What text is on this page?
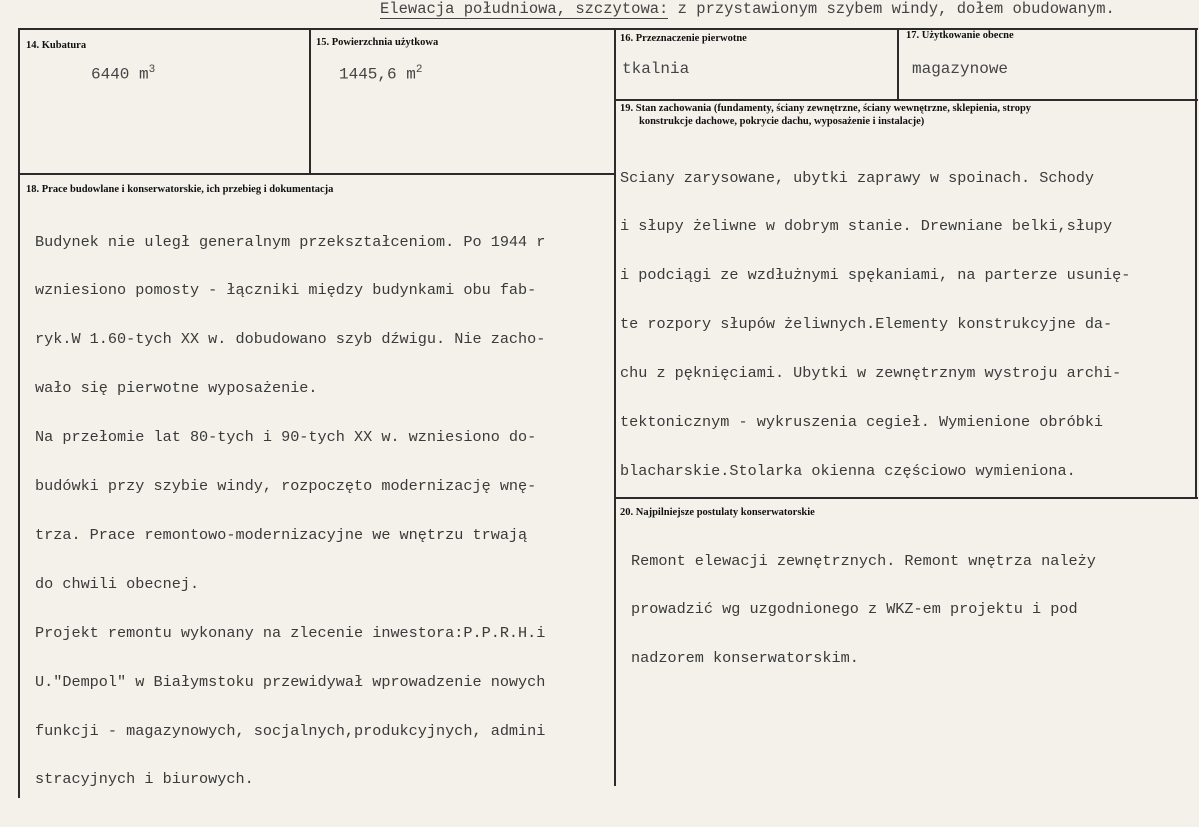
Elewacja południowa, szczytowa: z przystawionym szybem windy, dołem obudowanym.
14. Kubatura
6440 $m^3$
15. Powierzchnia użytkowa
1445,6 $m^2$
16. Przeznaczenie pierwotne
tkalnia
17. Użytkowanie obecne
magazynowe
19. Stan zachowania (fundamenty, ściany zewnętrzne, ściany wewnętrzne, sklepienia, stropy
konstrukcje dachowe, pokrycie dachu, wyposażenie i instalacje)

Sciany zarysowane, ubytki zaprawy w spoinach. Schody

i słupy żeliwne w dobrym stanie. Drewniane belki,słupy

i podciągi ze wzdłużnymi spękaniami, na parterze usunię-

te rozpory słupów żeliwnych.Elementy konstrukcyjne da-

chu z pęknięciami. Ubytki w zewnętrznym wystroju archi-

tektonicznym - wykruszenia cegieł. Wymienione obróbki

blacharskie.Stolarka okienna częściowo wymieniona.

18. Prace budowlane i konserwatorskie, ich przebieg i dokumentacja

Budynek nie uległ generalnym przekształceniom. Po 1944 r

wzniesiono pomosty - łączniki między budynkami obu fab-

ryk.W 1.60-tych XX w. dobudowano szyb dźwigu. Nie zacho-

wało się pierwotne wyposażenie.

Na przełomie lat 80-tych i 90-tych XX w. wzniesiono do-

budówki przy szybie windy, rozpoczęto modernizację wnę-

trza. Prace remontowo-modernizacyjne we wnętrzu trwają

do chwili obecnej.

Projekt remontu wykonany na zlecenie inwestora:P.P.R.H.i

U."Dempol" w Białymstoku przewidywał wprowadzenie nowych

funkcji - magazynowych, socjalnych,produkcyjnych, admini

stracyjnych i biurowych.

20. Najpilniejsze postulaty konserwatorskie

Remont elewacji zewnętrznych. Remont wnętrza należy

prowadzić wg uzgodnionego z WKZ-em projektu i pod

nadzorem konserwatorskim.
